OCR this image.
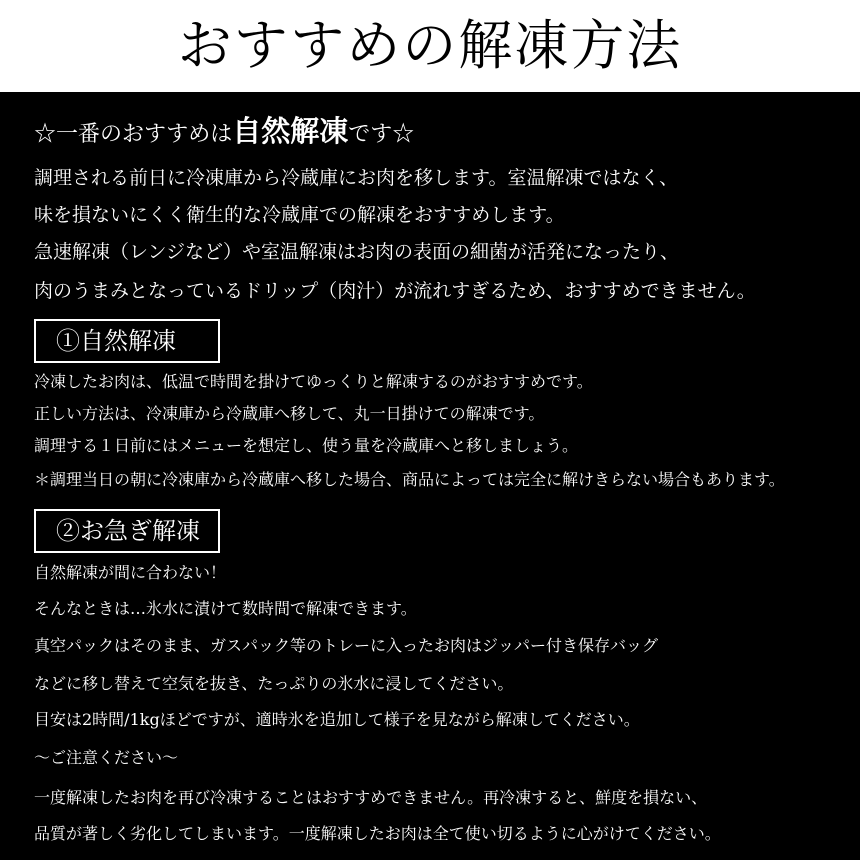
おすすめの解凍方法
☆一番のおすすめは自然解凍です☆
調理される前日に冷凍庫から冷蔵庫にお肉を移します。室温解凍ではなく、
味を損ないにくく衛生的な冷蔵庫での解凍をおすすめします。
急速解凍（レンジなど）や室温解凍はお肉の表面の細菌が活発になったり、
肉のうまみとなっているドリップ（肉汁）が流れすぎるため、おすすめできません。
①自然解凍
冷凍したお肉は、低温で時間を掛けてゆっくりと解凍するのがおすすめです。
正しい方法は、冷凍庫から冷蔵庫へ移して、丸一日掛けての解凍です。
調理する１日前にはメニューを想定し、使う量を冷蔵庫へと移しましょう。
＊調理当日の朝に冷凍庫から冷蔵庫へ移した場合、商品によっては完全に解けきらない場合もあります。
②お急ぎ解凍
自然解凍が間に合わない！
そんなときは…氷水に漬けて数時間で解凍できます。
真空パックはそのまま、ガスパック等のトレーに入ったお肉はジッパー付き保存バッグ
などに移し替えて空気を抜き、たっぷりの氷水に浸してください。
目安は2時間/1kgほどですが、適時氷を追加して様子を見ながら解凍してください。
〜ご注意ください〜
一度解凍したお肉を再び冷凍することはおすすめできません。再冷凍すると、鮮度を損ない、
品質が著しく劣化してしまいます。一度解凍したお肉は全て使い切るように心がけてください。
